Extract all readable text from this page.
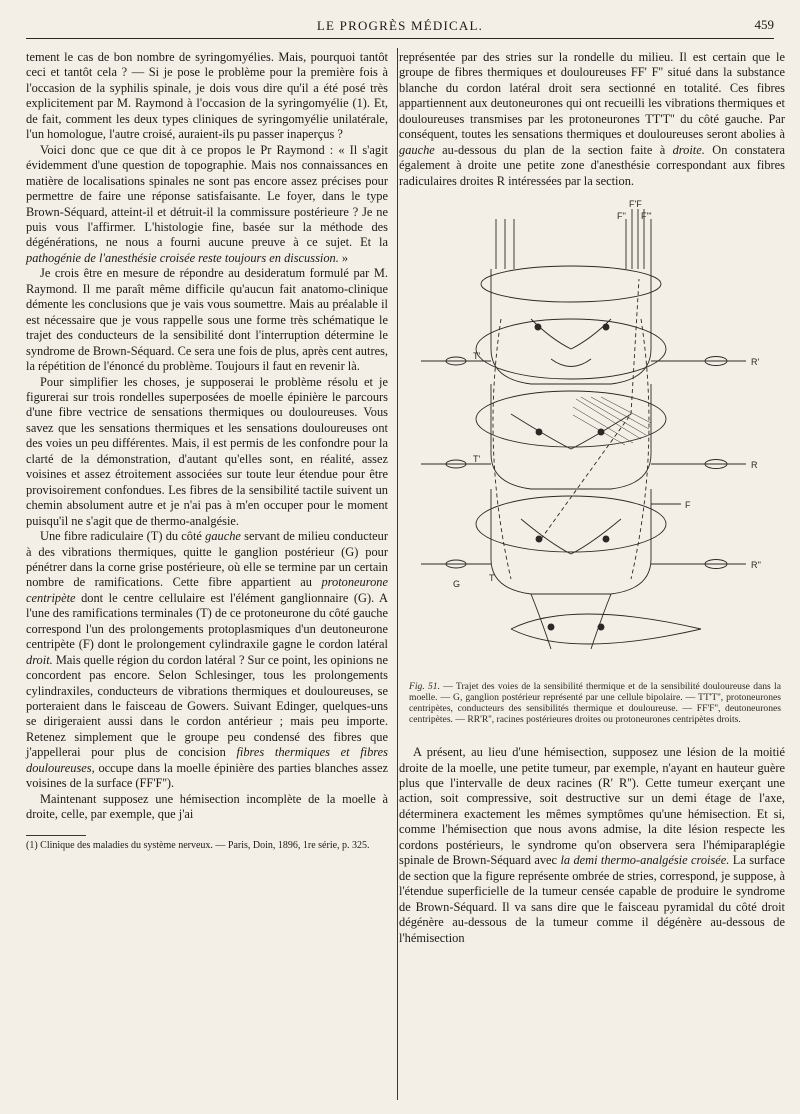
LE PROGRÈS MÉDICAL.	459

tement le cas de bon nombre de syringomyélies. Mais, pourquoi tantôt ceci et tantôt cela ? — Si je pose le problème pour la première fois à l'occasion de la syphilis spinale, je dois vous dire qu'il a été posé très explicitement par M. Raymond à l'occasion de la syringomyélie (1). Et, de fait, comment les deux types cliniques de syringomyélie unilatérale, l'un homologue, l'autre croisé, auraient-ils pu passer inaperçus ?

Voici donc que ce que dit à ce propos le Pr Raymond : « Il s'agit évidemment d'une question de topographie. Mais nos connaissances en matière de localisations spinales ne sont pas encore assez précises pour permettre de faire une réponse satisfaisante. Le foyer, dans le type Brown-Séquard, atteint-il et détruit-il la commissure postérieure ? Je ne puis vous l'affirmer. L'histologie fine, basée sur la méthode des dégénérations, ne nous a fourni aucune preuve à ce sujet. Et la pathogénie de l'anesthésie croisée reste toujours en discussion. »

Je crois être en mesure de répondre au desideratum formulé par M. Raymond. Il me paraît même difficile qu'aucun fait anatomo-clinique démente les conclusions que je vais vous soumettre. Mais au préalable il est nécessaire que je vous rappelle sous une forme très schématique le trajet des conducteurs de la sensibilité dont l'interruption détermine le syndrome de Brown-Séquard. Ce sera une fois de plus, après cent autres, la répétition de l'énoncé du problème. Toujours il faut en revenir là.

Pour simplifier les choses, je supposerai le problème résolu et je figurerai sur trois rondelles superposées de moelle épinière le parcours d'une fibre vectrice de sensations thermiques ou douloureuses. Vous savez que les sensations thermiques et les sensations douloureuses ont des voies un peu différentes. Mais, il est permis de les confondre pour la clarté de la démonstration, d'autant qu'elles sont, en réalité, assez voisines et assez étroitement associées sur toute leur étendue pour être provisoirement confondues. Les fibres de la sensibilité tactile suivent un chemin absolument autre et je n'ai pas à m'en occuper pour le moment puisqu'il ne s'agit que de thermo-analgésie.

Une fibre radiculaire (T) du côté gauche servant de milieu conducteur à des vibrations thermiques, quitte le ganglion postérieur (G) pour pénétrer dans la corne grise postérieure, où elle se termine par un certain nombre de ramifications. Cette fibre appartient au protoneurone centripète dont le centre cellulaire est l'élément ganglionnaire (G). A l'une des ramifications terminales (T) de ce protoneurone du côté gauche correspond l'un des prolongements protoplasmiques d'un deutoneurone centripète (F) dont le prolongement cylindraxile gagne le cordon latéral droit. Mais quelle région du cordon latéral ? Sur ce point, les opinions ne concordent pas encore. Selon Schlesinger, tous les prolongements cylindraxiles, conducteurs de vibrations thermiques et douloureuses, se porteraient dans le faisceau de Gowers. Suivant Edinger, quelques-uns se dirigeraient aussi dans le cordon antérieur ; mais peu importe. Retenez simplement que le groupe peu condensé des fibres que j'appellerai pour plus de concision fibres thermiques et fibres douloureuses, occupe dans la moelle épinière des parties blanches assez voisines de la surface (FF'F'').

Maintenant supposez une hémisection incomplète de la moelle à droite, celle, par exemple, que j'ai

(1) Clinique des maladies du système nerveux. — Paris, Doin, 1896, 1re série, p. 325.

représentée par des stries sur la rondelle du milieu. Il est certain que le groupe de fibres thermiques et douloureuses FF' F'' situé dans la substance blanche du cordon latéral droit sera sectionné en totalité. Ces fibres appartiennent aux deutoneurones qui ont recueilli les vibrations thermiques et douloureuses transmises par les protoneurones TT'T'' du côté gauche. Par conséquent, toutes les sensations thermiques et douloureuses seront abolies à gauche au-dessous du plan de la section faite à droite. On constatera également à droite une petite zone d'anesthésie correspondant aux fibres radiculaires droites R intéressées par la section.

F'F
F'' F'''
T'
R'
T'
R
F
R''
G
T

Fig. 51. — Trajet des voies de la sensibilité thermique et de la sensibilité douloureuse dans la moelle. — G, ganglion postérieur représenté par une cellule bipolaire. — TT'T'', protoneurones centripètes, conducteurs des sensibilités thermique et douloureuse. — FF'F'', deutoneurones centripètes. — RR'R'', racines postérieures droites ou protoneurones centripètes droits.

A présent, au lieu d'une hémisection, supposez une lésion de la moitié droite de la moelle, une petite tumeur, par exemple, n'ayant en hauteur guère plus que l'intervalle de deux racines (R' R''). Cette tumeur exerçant une action, soit compressive, soit destructive sur un demi étage de l'axe, déterminera exactement les mêmes symptômes qu'une hémisection. Et si, comme l'hémisection que nous avons admise, la dite lésion respecte les cordons postérieurs, le syndrome qu'on observera sera l'hémiparaplégie spinale de Brown-Séquard avec la demi thermo-analgésie croisée. La surface de section que la figure représente ombrée de stries, correspond, je suppose, à l'étendue superficielle de la tumeur censée capable de produire le syndrome de Brown-Séquard. Il va sans dire que le faisceau pyramidal du côté droit dégénère au-dessous de la tumeur comme il dégénère au-dessous de l'hémisection
